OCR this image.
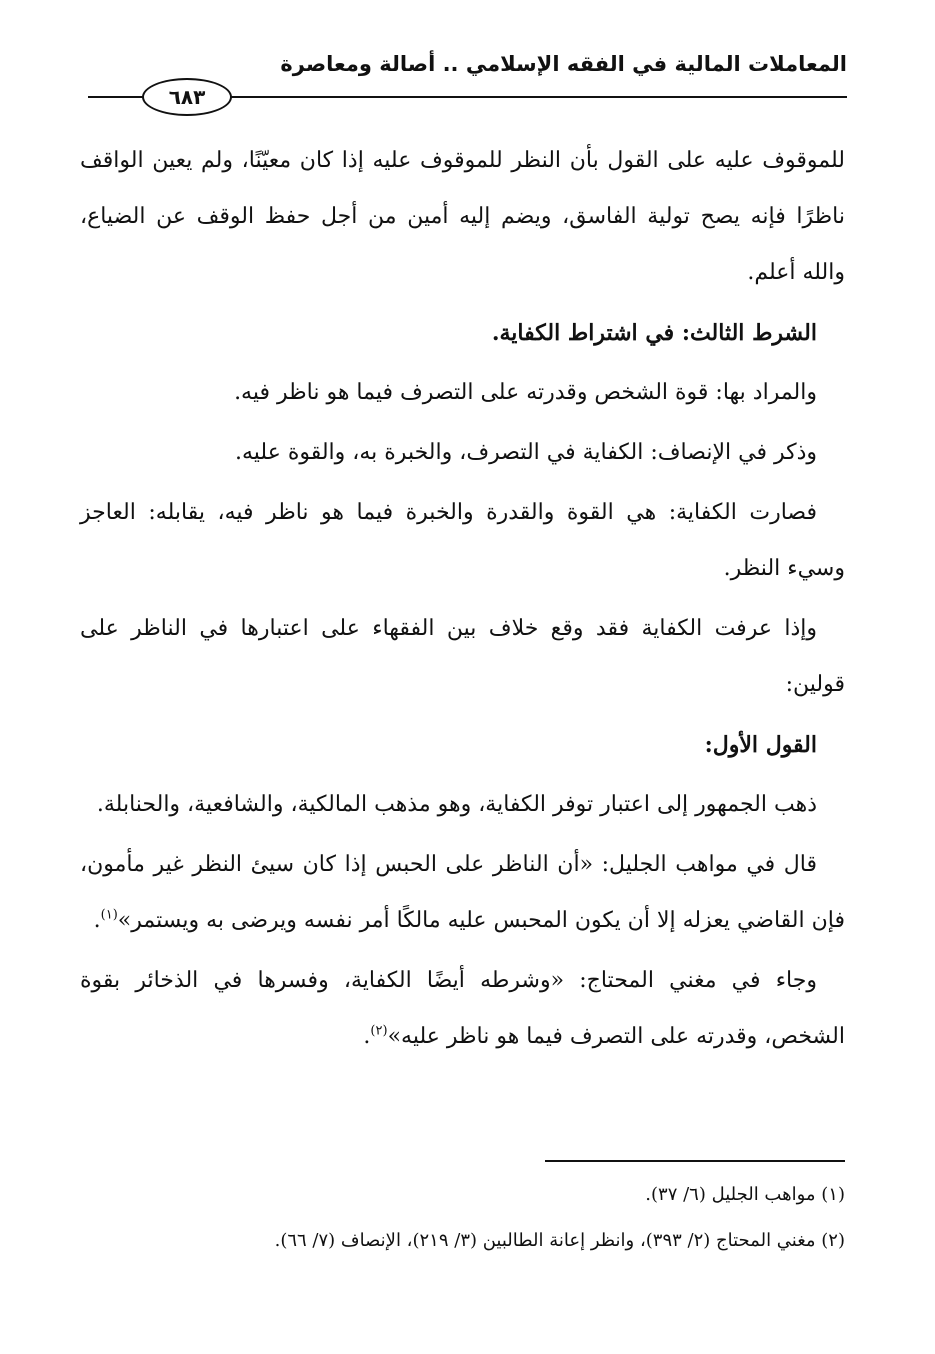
المعاملات المالية في الفقه الإسلامي .. أصالة ومعاصرة
٦٨٣

للموقوف عليه على القول بأن النظر للموقوف عليه إذا كان معيّنًا، ولم يعين الواقف ناظرًا فإنه يصح تولية الفاسق، ويضم إليه أمين من أجل حفظ الوقف عن الضياع، والله أعلم.

الشرط الثالث: في اشتراط الكفاية.

والمراد بها: قوة الشخص وقدرته على التصرف فيما هو ناظر فيه.

وذكر في الإنصاف: الكفاية في التصرف، والخبرة به، والقوة عليه.

فصارت الكفاية: هي القوة والقدرة والخبرة فيما هو ناظر فيه، يقابله: العاجز وسيء النظر.

وإذا عرفت الكفاية فقد وقع خلاف بين الفقهاء على اعتبارها في الناظر على قولين:

القول الأول:

ذهب الجمهور إلى اعتبار توفر الكفاية، وهو مذهب المالكية، والشافعية، والحنابلة.

قال في مواهب الجليل: «أن الناظر على الحبس إذا كان سيئ النظر غير مأمون، فإن القاضي يعزله إلا أن يكون المحبس عليه مالكًا أمر نفسه ويرضى به ويستمر»$^{(١)}$.

وجاء في مغني المحتاج: «وشرطه أيضًا الكفاية، وفسرها في الذخائر بقوة الشخص، وقدرته على التصرف فيما هو ناظر عليه»$^{(٢)}$.

(١) مواهب الجليل (٦/ ٣٧).

(٢) مغني المحتاج (٢/ ٣٩٣)، وانظر إعانة الطالبين (٣/ ٢١٩)، الإنصاف (٧/ ٦٦).
